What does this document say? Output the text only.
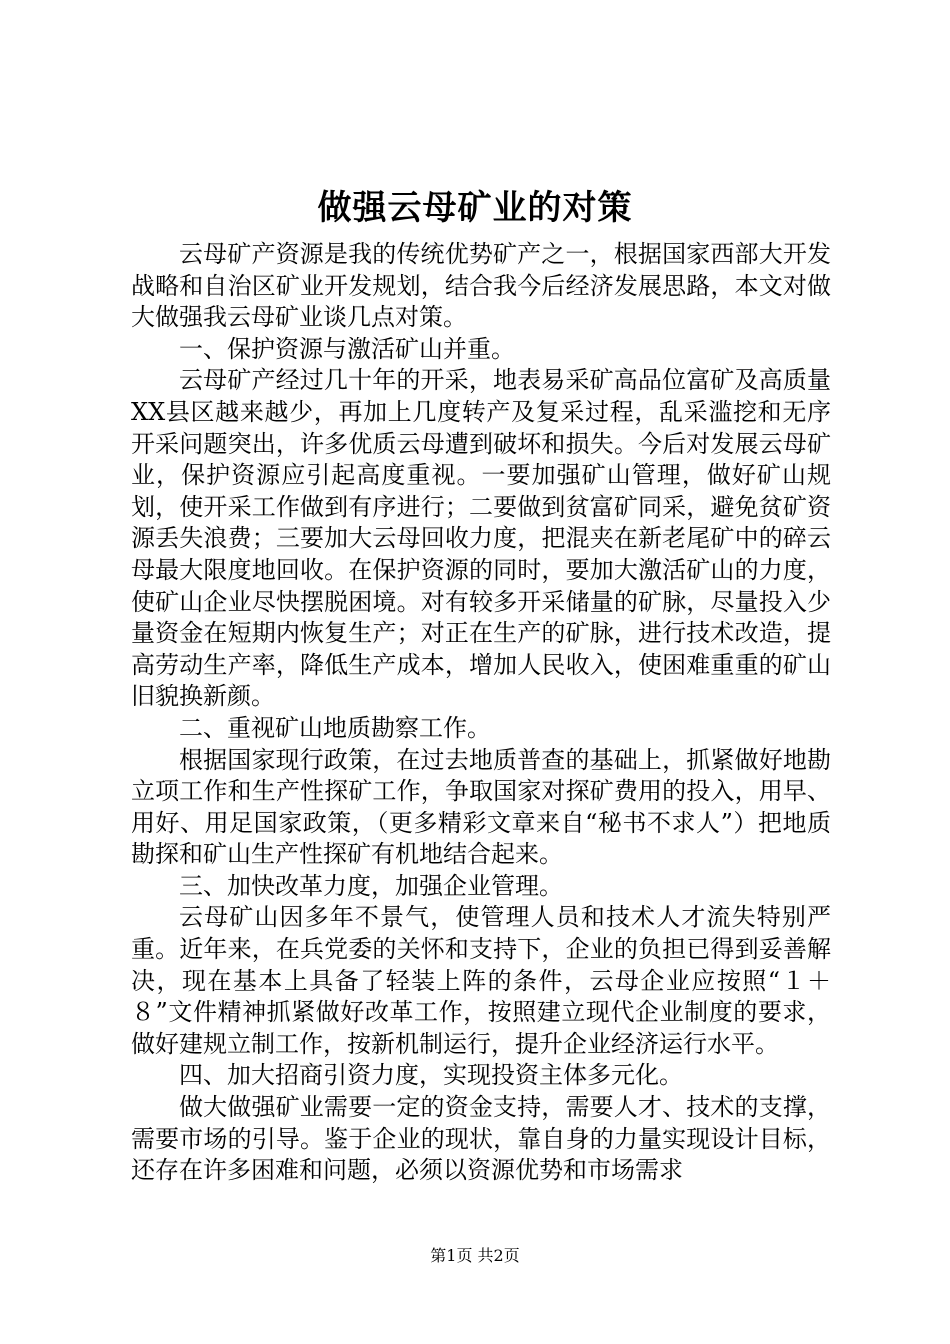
做强云母矿业的对策

云母矿产资源是我的传统优势矿产之一，根据国家西部大开发战略和自治区矿业开发规划，结合我今后经济发展思路，本文对做大做强我云母矿业谈几点对策。

一、保护资源与激活矿山并重。

云母矿产经过几十年的开采，地表易采矿高品位富矿及高质量XX县区越来越少，再加上几度转产及复采过程，乱采滥挖和无序开采问题突出，许多优质云母遭到破坏和损失。今后对发展云母矿业，保护资源应引起高度重视。一要加强矿山管理，做好矿山规划，使开采工作做到有序进行；二要做到贫富矿同采，避免贫矿资源丢失浪费；三要加大云母回收力度，把混夹在新老尾矿中的碎云母最大限度地回收。在保护资源的同时，要加大激活矿山的力度，使矿山企业尽快摆脱困境。对有较多开采储量的矿脉，尽量投入少量资金在短期内恢复生产；对正在生产的矿脉，进行技术改造，提高劳动生产率，降低生产成本，增加人民收入，使困难重重的矿山旧貌换新颜。

二、重视矿山地质勘察工作。

根据国家现行政策，在过去地质普查的基础上，抓紧做好地勘立项工作和生产性探矿工作，争取国家对探矿费用的投入，用早、用好、用足国家政策，（更多精彩文章来自“秘书不求人”）把地质勘探和矿山生产性探矿有机地结合起来。

三、加快改革力度，加强企业管理。

云母矿山因多年不景气，使管理人员和技术人才流失特别严重。近年来，在兵党委的关怀和支持下，企业的负担已得到妥善解决，现在基本上具备了轻装上阵的条件，云母企业应按照“１＋８”文件精神抓紧做好改革工作，按照建立现代企业制度的要求，做好建规立制工作，按新机制运行，提升企业经济运行水平。

四、加大招商引资力度，实现投资主体多元化。

做大做强矿业需要一定的资金支持，需要人才、技术的支撑，需要市场的引导。鉴于企业的现状，靠自身的力量实现设计目标，还存在许多困难和问题，必须以资源优势和市场需求

第1页 共2页
